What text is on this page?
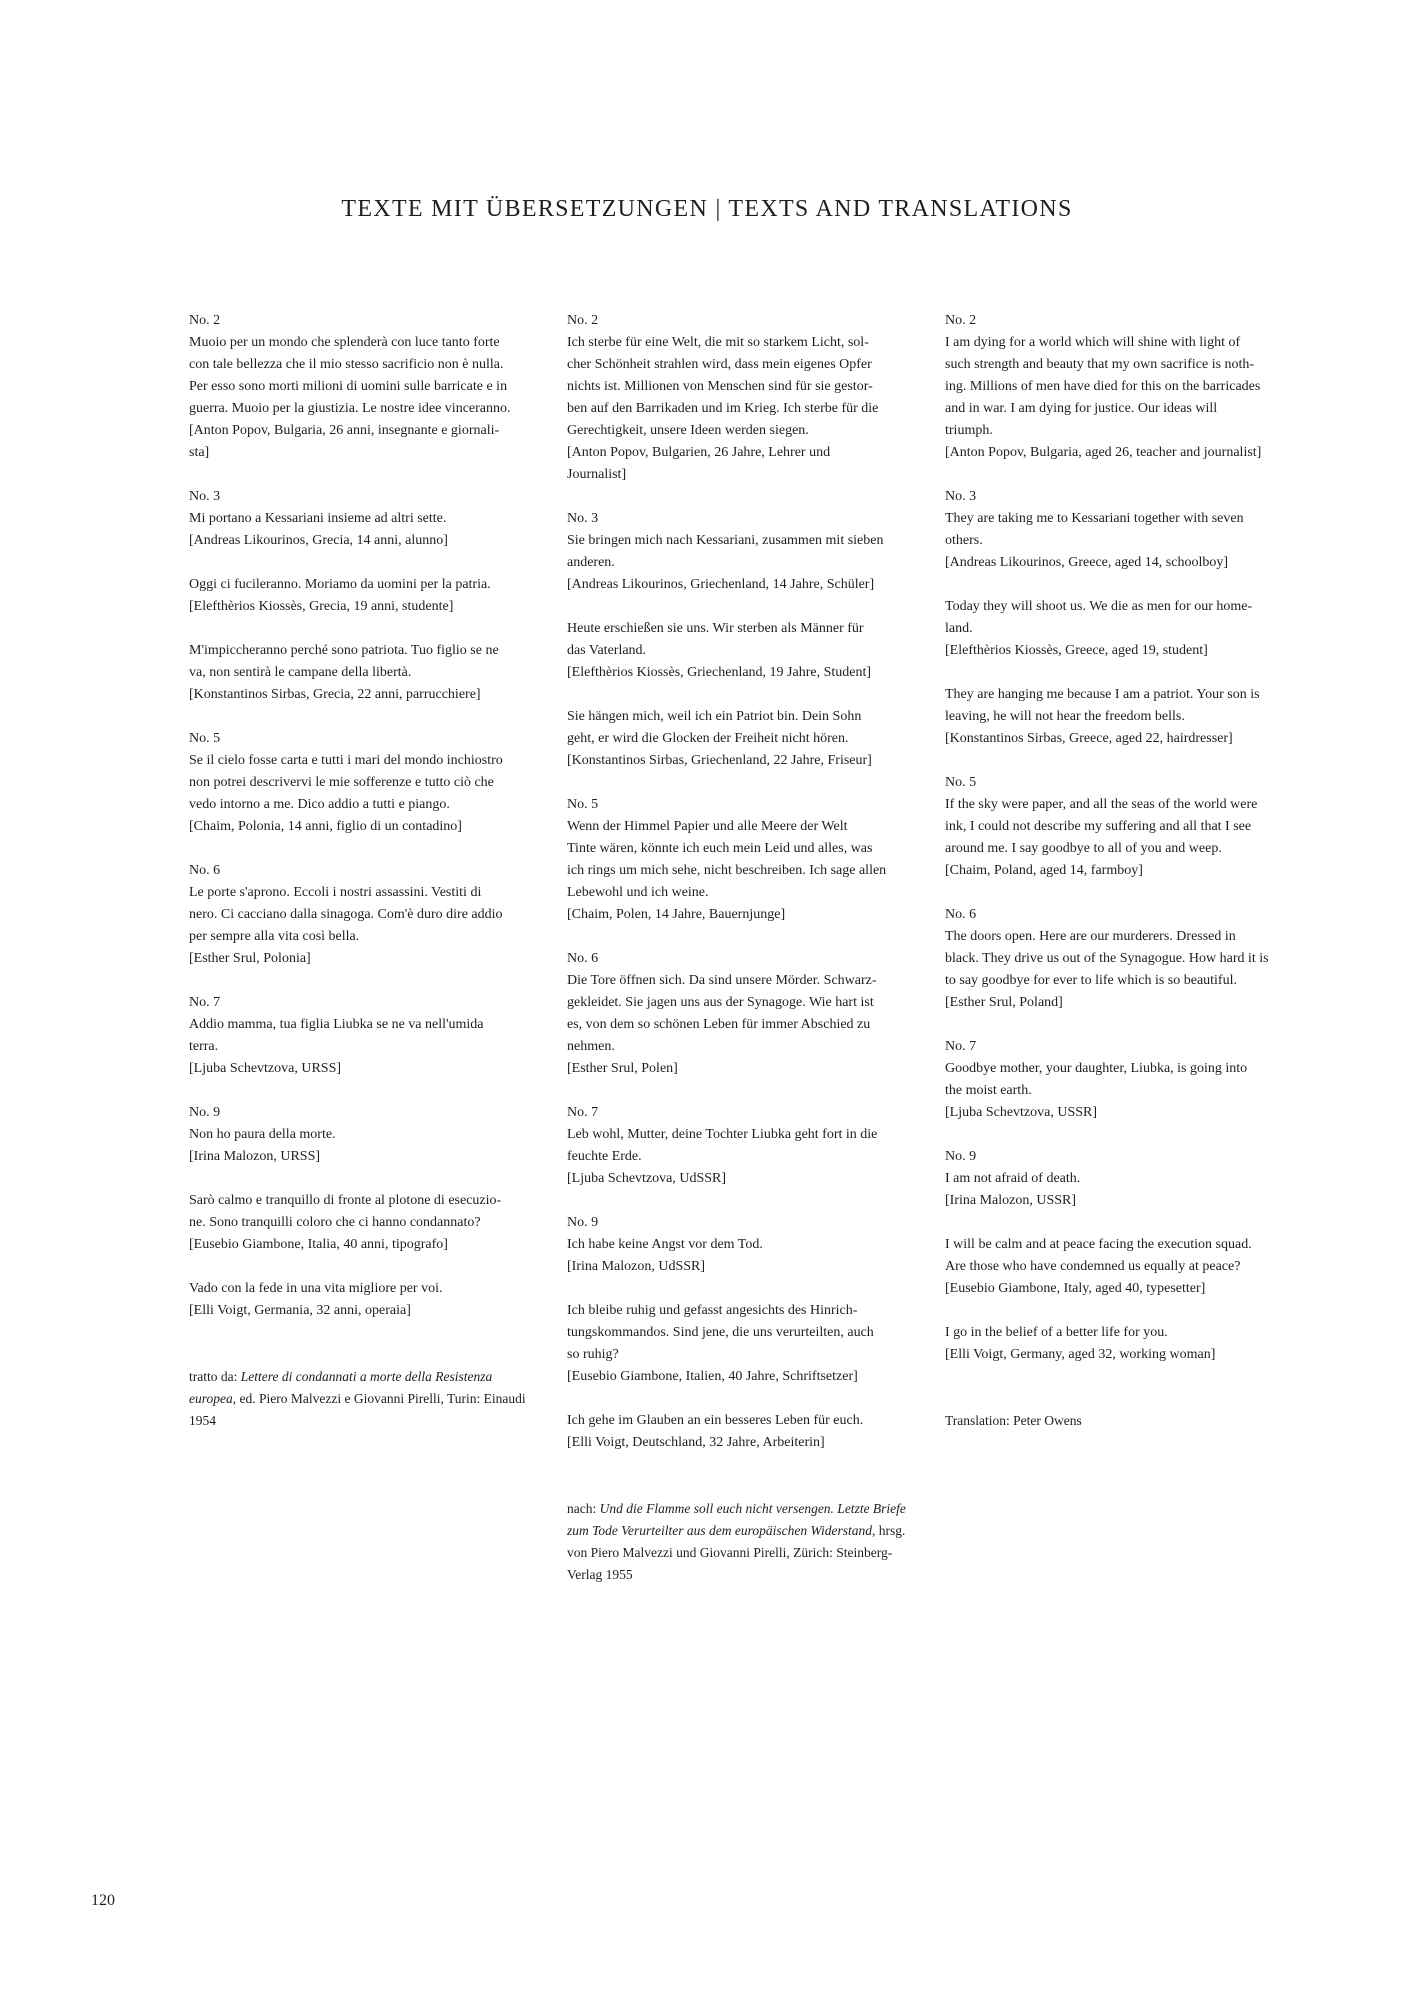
TEXTE MIT ÜBERSETZUNGEN | TEXTS AND TRANSLATIONS
No. 2

Muoio per un mondo che splenderà con luce tanto forte
con tale bellezza che il mio stesso sacrificio non è nulla.
Per esso sono morti milioni di uomini sulle barricate e in
guerra. Muoio per la giustizia. Le nostre idee vinceranno.
[Anton Popov, Bulgaria, 26 anni, insegnante e giornali-
sta]

No. 3

Mi portano a Kessariani insieme ad altri sette.
[Andreas Likourinos, Grecia, 14 anni, alunno]

Oggi ci fucileranno. Moriamo da uomini per la patria.
[Elefthèrios Kiossès, Grecia, 19 anni, studente]

M'impiccheranno perché sono patriota. Tuo figlio se ne
va, non sentirà le campane della libertà.
[Konstantinos Sirbas, Grecia, 22 anni, parrucchiere]

No. 5

Se il cielo fosse carta e tutti i mari del mondo inchiostro
non potrei descrivervi le mie sofferenze e tutto ciò che
vedo intorno a me. Dico addio a tutti e piango.
[Chaim, Polonia, 14 anni, figlio di un contadino]

No. 6

Le porte s'aprono. Eccoli i nostri assassini. Vestiti di
nero. Ci cacciano dalla sinagoga. Com'è duro dire addio
per sempre alla vita così bella.
[Esther Srul, Polonia]

No. 7

Addio mamma, tua figlia Liubka se ne va nell'umida
terra.
[Ljuba Schevtzova, URSS]

No. 9

Non ho paura della morte.
[Irina Malozon, URSS]

Sarò calmo e tranquillo di fronte al plotone di esecuzio-
ne. Sono tranquilli coloro che ci hanno condannato?
[Eusebio Giambone, Italia, 40 anni, tipografo]

Vado con la fede in una vita migliore per voi.
[Elli Voigt, Germania, 32 anni, operaia]

tratto da: Lettere di condannati a morte della Resistenza europea, ed. Piero Malvezzi e Giovanni Pirelli, Turin: Einaudi 1954
No. 2

Ich sterbe für eine Welt, die mit so starkem Licht, sol-
cher Schönheit strahlen wird, dass mein eigenes Opfer
nichts ist. Millionen von Menschen sind für sie gestor-
ben auf den Barrikaden und im Krieg. Ich sterbe für die
Gerechtigkeit, unsere Ideen werden siegen.
[Anton Popov, Bulgarien, 26 Jahre, Lehrer und
Journalist]

No. 3

Sie bringen mich nach Kessariani, zusammen mit sieben
anderen.
[Andreas Likourinos, Griechenland, 14 Jahre, Schüler]

Heute erschießen sie uns. Wir sterben als Männer für
das Vaterland.
[Elefthèrios Kiossès, Griechenland, 19 Jahre, Student]

Sie hängen mich, weil ich ein Patriot bin. Dein Sohn
geht, er wird die Glocken der Freiheit nicht hören.
[Konstantinos Sirbas, Griechenland, 22 Jahre, Friseur]

No. 5

Wenn der Himmel Papier und alle Meere der Welt
Tinte wären, könnte ich euch mein Leid und alles, was
ich rings um mich sehe, nicht beschreiben. Ich sage allen
Lebewohl und ich weine.
[Chaim, Polen, 14 Jahre, Bauernjunge]

No. 6

Die Tore öffnen sich. Da sind unsere Mörder. Schwarz-
gekleidet. Sie jagen uns aus der Synagoge. Wie hart ist
es, von dem so schönen Leben für immer Abschied zu
nehmen.
[Esther Srul, Polen]

No. 7

Leb wohl, Mutter, deine Tochter Liubka geht fort in die
feuchte Erde.
[Ljuba Schevtzova, UdSSR]

No. 9

Ich habe keine Angst vor dem Tod.
[Irina Malozon, UdSSR]

Ich bleibe ruhig und gefasst angesichts des Hinrich-
tungskommandos. Sind jene, die uns verurteilten, auch
so ruhig?
[Eusebio Giambone, Italien, 40 Jahre, Schriftsetzer]

Ich gehe im Glauben an ein besseres Leben für euch.
[Elli Voigt, Deutschland, 32 Jahre, Arbeiterin]

nach: Und die Flamme soll euch nicht versengen. Letzte Briefe zum Tode Verurteilter aus dem europäischen Widerstand, hrsg. von Piero Malvezzi und Giovanni Pirelli, Zürich: Steinberg-Verlag 1955
No. 2

I am dying for a world which will shine with light of
such strength and beauty that my own sacrifice is noth-
ing. Millions of men have died for this on the barricades
and in war. I am dying for justice. Our ideas will
triumph.
[Anton Popov, Bulgaria, aged 26, teacher and journalist]

No. 3

They are taking me to Kessariani together with seven
others.
[Andreas Likourinos, Greece, aged 14, schoolboy]

Today they will shoot us. We die as men for our home-
land.
[Elefthèrios Kiossès, Greece, aged 19, student]

They are hanging me because I am a patriot. Your son is
leaving, he will not hear the freedom bells.
[Konstantinos Sirbas, Greece, aged 22, hairdresser]

No. 5

If the sky were paper, and all the seas of the world were
ink, I could not describe my suffering and all that I see
around me. I say goodbye to all of you and weep.
[Chaim, Poland, aged 14, farmboy]

No. 6

The doors open. Here are our murderers. Dressed in
black. They drive us out of the Synagogue. How hard it is
to say goodbye for ever to life which is so beautiful.
[Esther Srul, Poland]

No. 7

Goodbye mother, your daughter, Liubka, is going into
the moist earth.
[Ljuba Schevtzova, USSR]

No. 9

I am not afraid of death.
[Irina Malozon, USSR]

I will be calm and at peace facing the execution squad.
Are those who have condemned us equally at peace?
[Eusebio Giambone, Italy, aged 40, typesetter]

I go in the belief of a better life for you.
[Elli Voigt, Germany, aged 32, working woman]

Translation: Peter Owens
120
